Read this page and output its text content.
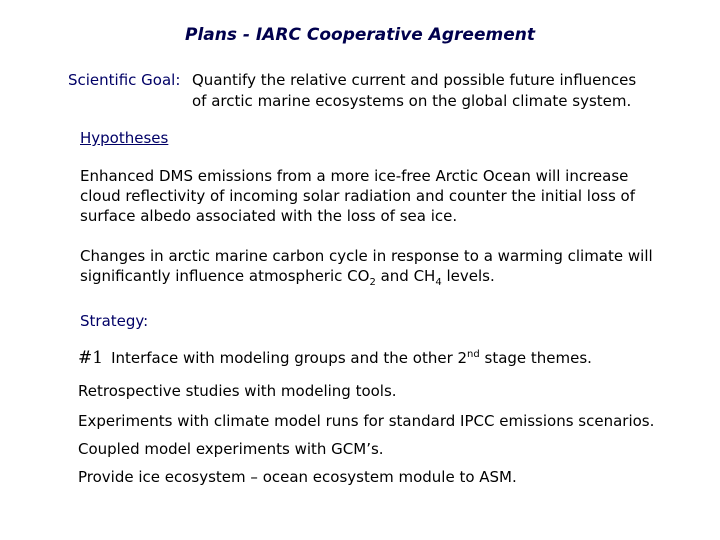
Plans - IARC Cooperative Agreement
Scientific Goal: Quantify the relative current and possible future influences
of arctic marine ecosystems on the global climate system.
Hypotheses
Enhanced DMS emissions from a more ice-free Arctic Ocean will increase
cloud reflectivity of incoming solar radiation and counter the initial loss of
surface albedo associated with the loss of sea ice.
Changes in arctic marine carbon cycle in response to a warming climate will
significantly influence atmospheric $CO_2$ and $CH_4$ levels.
Strategy:
#1 Interface with modeling groups and the other 2nd stage themes.
Retrospective studies with modeling tools.
Experiments with climate model runs for standard IPCC emissions scenarios.
Coupled model experiments with GCM’s.
Provide ice ecosystem – ocean ecosystem module to ASM.
